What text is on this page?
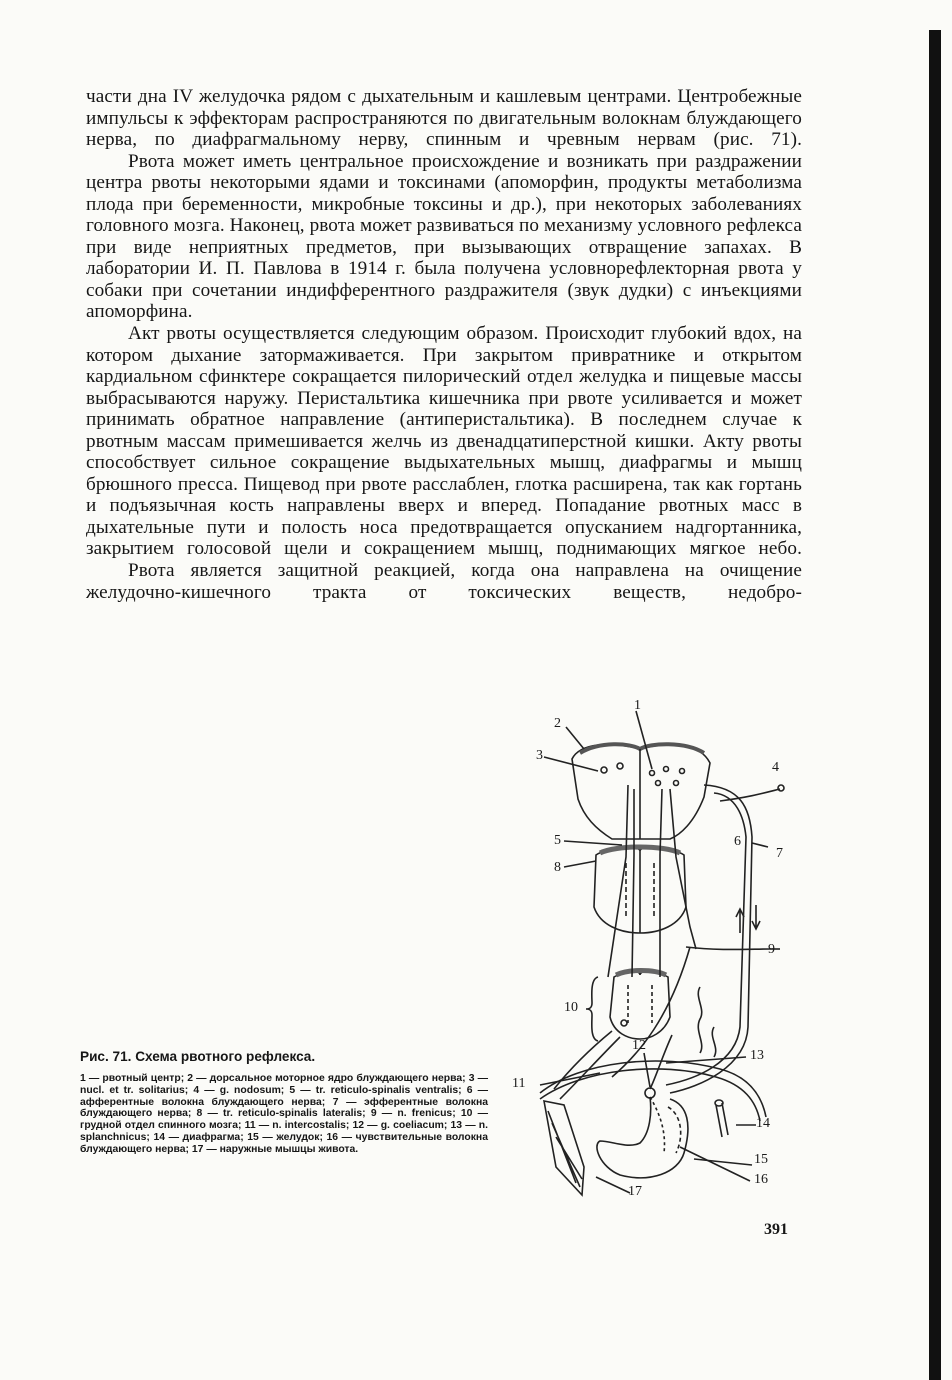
части дна IV желудочка рядом с дыхательным и кашлевым центрами. Центробежные импульсы к эффекторам распространяются по двигательным волокнам блуждающего нерва, по диафрагмальному нерву, спинным и чревным нервам (рис. 71).

Рвота может иметь центральное происхождение и возникать при раздражении центра рвоты некоторыми ядами и токсинами (апоморфин, продукты метаболизма плода при беременности, микробные токсины и др.), при некоторых заболеваниях головного мозга. Наконец, рвота может развиваться по механизму условного рефлекса при виде неприятных предметов, при вызывающих отвращение запахах. В лаборатории И. П. Павлова в 1914 г. была получена условнорефлекторная рвота у собаки при сочетании индифферентного раздражителя (звук дудки) с инъекциями апоморфина.

Акт рвоты осуществляется следующим образом. Происходит глубокий вдох, на котором дыхание затормаживается. При закрытом привратнике и открытом кардиальном сфинктере сокращается пилорический отдел желудка и пищевые массы выбрасываются наружу. Перистальтика кишечника при рвоте усиливается и может принимать обратное направление (антиперистальтика). В последнем случае к рвотным массам примешивается желчь из двенадцатиперстной кишки. Акту рвоты способствует сильное сокращение выдыхательных мышц, диафрагмы и мышц брюшного пресса. Пищевод при рвоте расслаблен, глотка расширена, так как гортань и подъязычная кость направлены вверх и вперед. Попадание рвотных масс в дыхательные пути и полость носа предотвращается опусканием надгортанника, закрытием голосовой щели и сокращением мышц, поднимающих мягкое небо.

Рвота является защитной реакцией, когда она направлена на очищение желудочно-кишечного тракта от токсических веществ, недобро-

1
2
3
4
5	6
7
8
9
10
11
12
13
14
15
16
17
Рис. 71. Схема рвотного рефлекса.
1 — рвотный центр; 2 — дорсальное моторное ядро блуждающего нерва; 3 — nucl. et tr. solitarius; 4 — g. nodosum; 5 — tr. reticulo-spinalis ventralis; 6 — афферентные волокна блуждающего нерва; 7 — эфферентные волокна блуждающего нерва; 8 — tr. reticulo-spinalis lateralis; 9 — n. frenicus; 10 — грудной отдел спинного мозга; 11 — n. intercostalis; 12 — g. coeliacum; 13 — n. splanchnicus; 14 — диафрагма; 15 — желудок; 16 — чувствительные волокна блуждающего нерва; 17 — наружные мышцы живота.
391
